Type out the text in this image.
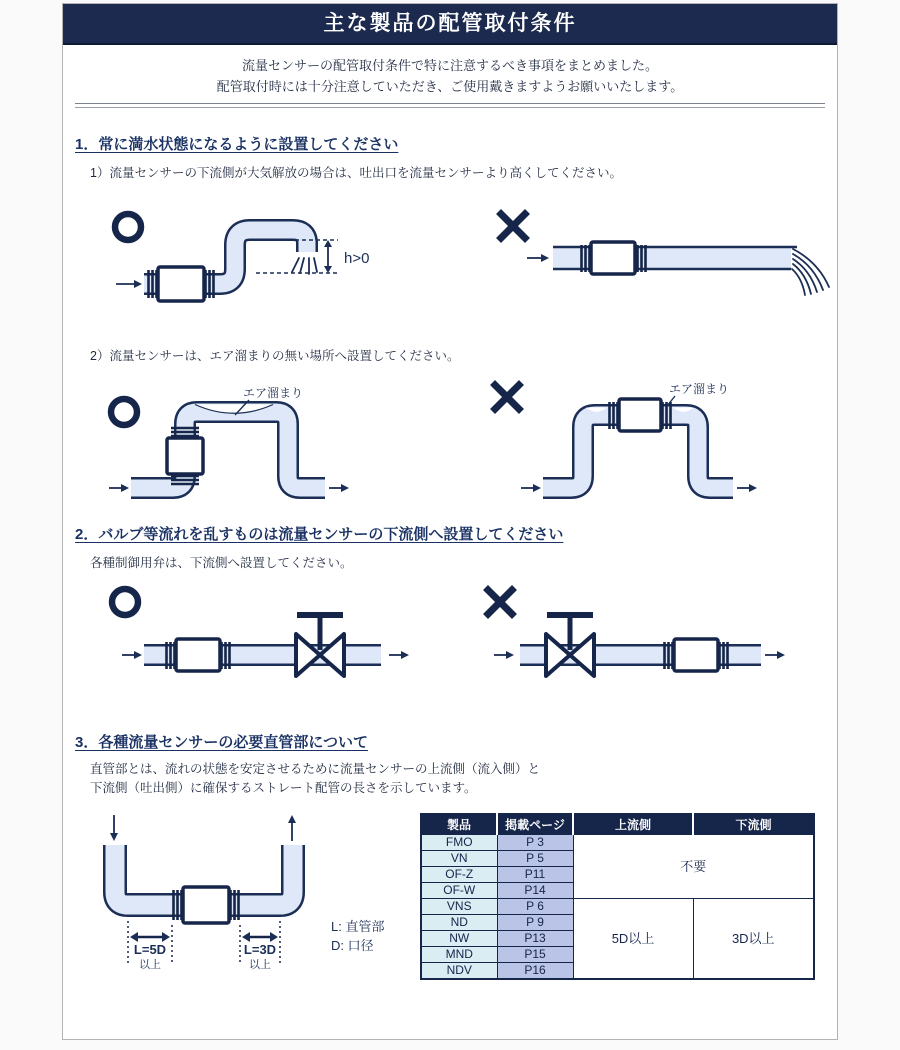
主な製品の配管取付条件
流量センサーの配管取付条件で特に注意するべき事項をまとめました。
配管取付時には十分注意していただき、ご使用戴きますようお願いいたします。
1．常に満水状態になるように設置してください
1）流量センサーの下流側が大気解放の場合は、吐出口を流量センサーより高くしてください。
h>0
2）流量センサーは、エア溜まりの無い場所へ設置してください。
エア溜まり	エア溜まり
2．バルブ等流れを乱すものは流量センサーの下流側へ設置してください
各種制御用弁は、下流側へ設置してください。
3．各種流量センサーの必要直管部について
直管部とは、流れの状態を安定させるために流量センサーの上流側（流入側）と
下流側（吐出側）に確保するストレート配管の長さを示しています。
L=5D
以上
L=3D
以上
L: 直管部
D: 口径
製品	掲載ページ	上流側	下流側
FMO	P 3	不要	
VN	P 5		
OF-Z	P11		
OF-W	P14		
VNS	P 6	5D以上	3D以上
ND	P 9		
NW	P13		
MND	P15		
NDV	P16		
